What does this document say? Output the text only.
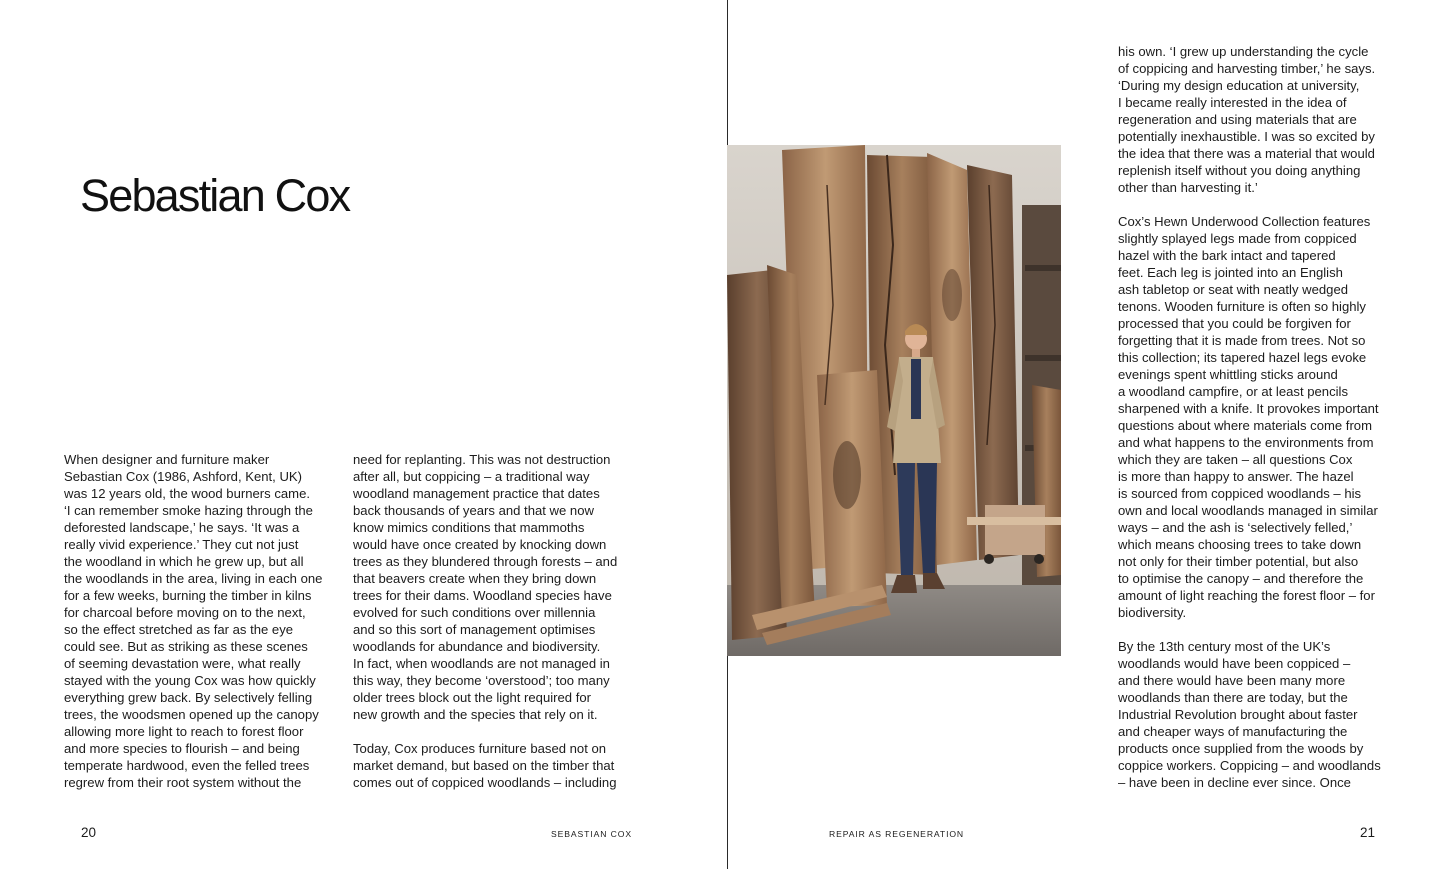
Sebastian Cox

When designer and furniture maker
Sebastian Cox (1986, Ashford, Kent, UK)
was 12 years old, the wood burners came.
‘I can remember smoke hazing through the
deforested landscape,’ he says. ‘It was a
really vivid experience.’ They cut not just
the woodland in which he grew up, but all
the woodlands in the area, living in each one
for a few weeks, burning the timber in kilns
for charcoal before moving on to the next,
so the effect stretched as far as the eye
could see. But as striking as these scenes
of seeming devastation were, what really
stayed with the young Cox was how quickly
everything grew back. By selectively felling
trees, the woodsmen opened up the canopy
allowing more light to reach to forest floor
and more species to flourish – and being
temperate hardwood, even the felled trees
regrew from their root system without the

need for replanting. This was not destruction
after all, but coppicing – a traditional way
woodland management practice that dates
back thousands of years and that we now
know mimics conditions that mammoths
would have once created by knocking down
trees as they blundered through forests – and
that beavers create when they bring down
trees for their dams. Woodland species have
evolved for such conditions over millennia
and so this sort of management optimises
woodlands for abundance and biodiversity.
In fact, when woodlands are not managed in
this way, they become ‘overstood’; too many
older trees block out the light required for
new growth and the species that rely on it.

Today, Cox produces furniture based not on
market demand, but based on the timber that
comes out of coppiced woodlands – including

his own. ‘I grew up understanding the cycle
of coppicing and harvesting timber,’ he says.
‘During my design education at university,
I became really interested in the idea of
regeneration and using materials that are
potentially inexhaustible. I was so excited by
the idea that there was a material that would
replenish itself without you doing anything
other than harvesting it.’

Cox’s Hewn Underwood Collection features
slightly splayed legs made from coppiced
hazel with the bark intact and tapered
feet. Each leg is jointed into an English
ash tabletop or seat with neatly wedged
tenons. Wooden furniture is often so highly
processed that you could be forgiven for
forgetting that it is made from trees. Not so
this collection; its tapered hazel legs evoke
evenings spent whittling sticks around
a woodland campfire, or at least pencils
sharpened with a knife. It provokes important
questions about where materials come from
and what happens to the environments from
which they are taken – all questions Cox
is more than happy to answer. The hazel
is sourced from coppiced woodlands – his
own and local woodlands managed in similar
ways – and the ash is ‘selectively felled,’
which means choosing trees to take down
not only for their timber potential, but also
to optimise the canopy – and therefore the
amount of light reaching the forest floor – for
biodiversity.

By the 13th century most of the UK’s
woodlands would have been coppiced –
and there would have been many more
woodlands than there are today, but the
Industrial Revolution brought about faster
and cheaper ways of manufacturing the
products once supplied from the woods by
coppice workers. Coppicing – and woodlands
– have been in decline ever since. Once

20	SEBASTIAN COX	REPAIR AS REGENERATION	21
